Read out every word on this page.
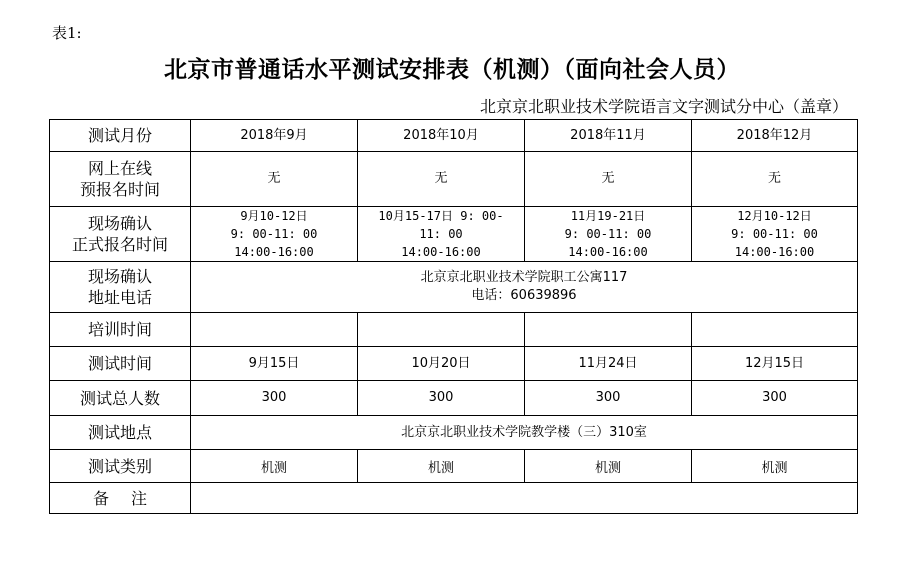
表1:
北京市普通话水平测试安排表（机测）（面向社会人员）
北京京北职业技术学院语言文字测试分中心（盖章）
测试月份	2018年9月	2018年10月	2018年11月	2018年12月

网上在线
预报名时间	无	无	无	无

现场确认
正式报名时间	9月10-12日
9: 00-11: 00
14:00-16:00	10月15-17日 9: 00-
11: 00
14:00-16:00	11月19-21日
9: 00-11: 00
14:00-16:00	12月10-12日
9: 00-11: 00
14:00-16:00

现场确认
地址电话	北京京北职业技术学院职工公寓117
电话：60639896			

培训时间				
测试时间	9月15日	10月20日	11月24日	12月15日
测试总人数	300	300	300	300
测试地点	北京京北职业技术学院教学楼（三）310室			
测试类别	机测	机测	机测	机测
备注				
